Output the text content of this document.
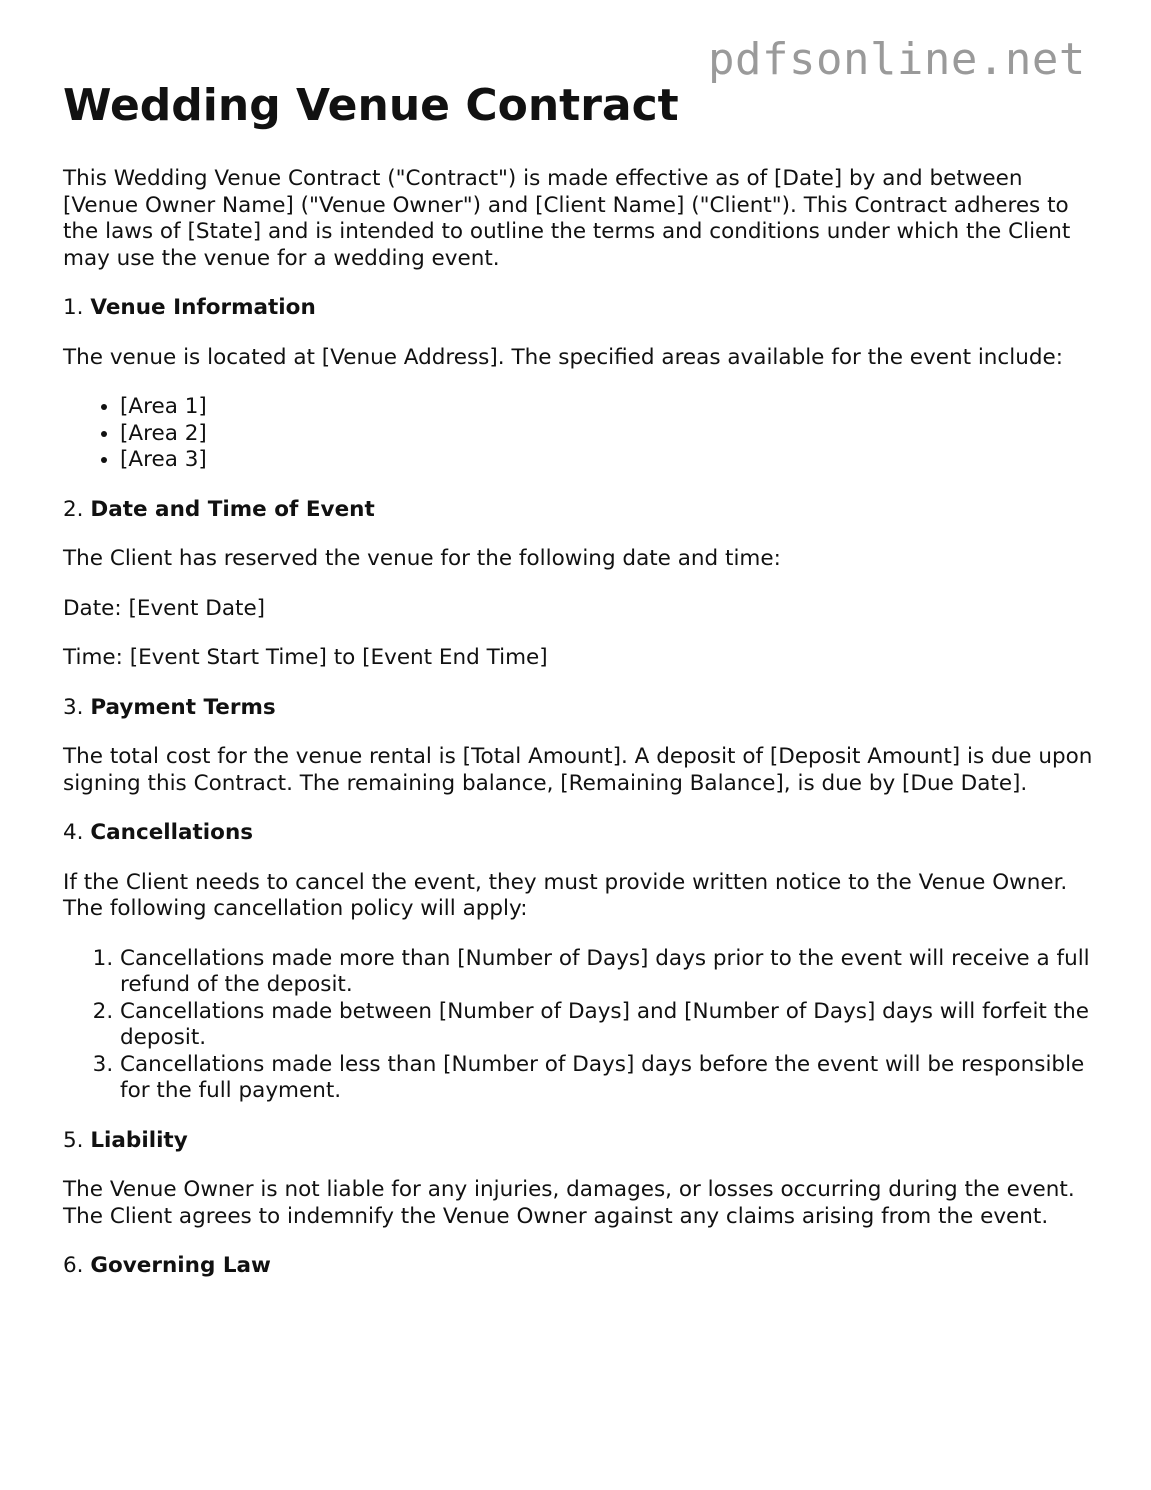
pdfsonline.net
Wedding Venue Contract

This Wedding Venue Contract ("Contract") is made effective as of [Date] by and between [Venue Owner Name] ("Venue Owner") and [Client Name] ("Client"). This Contract adheres to the laws of [State] and is intended to outline the terms and conditions under which the Client may use the venue for a wedding event.

1. Venue Information

The venue is located at [Venue Address]. The specified areas available for the event include:

• [Area 1]
• [Area 2]
• [Area 3]
2. Date and Time of Event

The Client has reserved the venue for the following date and time:

Date: [Event Date]

Time: [Event Start Time] to [Event End Time]

3. Payment Terms

The total cost for the venue rental is [Total Amount]. A deposit of [Deposit Amount] is due upon signing this Contract. The remaining balance, [Remaining Balance], is due by [Due Date].

4. Cancellations

If the Client needs to cancel the event, they must provide written notice to the Venue Owner. The following cancellation policy will apply:

1. Cancellations made more than [Number of Days] days prior to the event will receive a full refund of the deposit.
2. Cancellations made between [Number of Days] and [Number of Days] days will forfeit the deposit.
3. Cancellations made less than [Number of Days] days before the event will be responsible for the full payment.
5. Liability

The Venue Owner is not liable for any injuries, damages, or losses occurring during the event. The Client agrees to indemnify the Venue Owner against any claims arising from the event.

6. Governing Law
